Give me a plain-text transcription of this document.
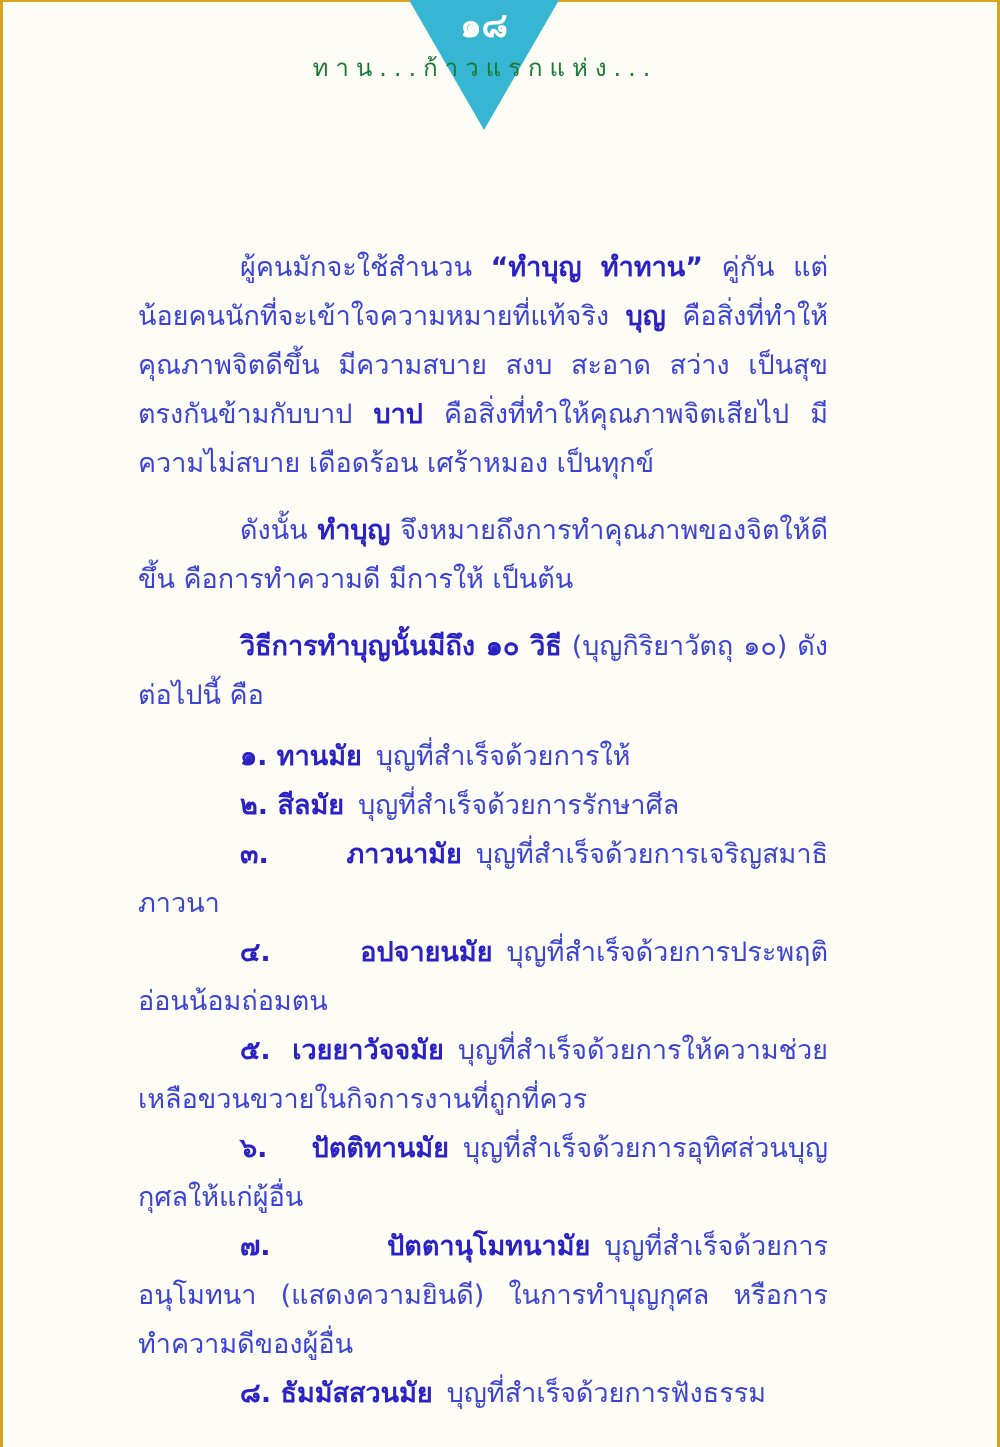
๑๘
ทาน...ก้าวแรกแห่ง...

ผู้คนมักจะใช้สำนวน “ทำบุญ ทำทาน” คู่กัน แต่น้อยคนนักที่จะเข้าใจความหมายที่แท้จริง บุญ คือสิ่งที่ทำให้คุณภาพจิตดีขึ้น มีความสบาย สงบ สะอาด สว่าง เป็นสุข ตรงกันข้ามกับบาป บาป คือสิ่งที่ทำให้คุณภาพจิตเสียไป มีความไม่สบาย เดือดร้อน เศร้าหมอง เป็นทุกข์

ดังนั้น ทำบุญ จึงหมายถึงการทำคุณภาพของจิตให้ดีขึ้น คือการทำความดี มีการให้ เป็นต้น

วิธีการทำบุญนั้นมีถึง ๑๐ วิธี (บุญกิริยาวัตถุ ๑๐) ดังต่อไปนี้ คือ

๑. ทานมัย บุญที่สำเร็จด้วยการให้

๒. สีลมัย บุญที่สำเร็จด้วยการรักษาศีล

๓. ภาวนามัย บุญที่สำเร็จด้วยการเจริญสมาธิภาวนา

๔. อปจายนมัย บุญที่สำเร็จด้วยการประพฤติอ่อนน้อมถ่อมตน

๕. เวยยาวัจจมัย บุญที่สำเร็จด้วยการให้ความช่วยเหลือขวนขวายในกิจการงานที่ถูกที่ควร

๖. ปัตติทานมัย บุญที่สำเร็จด้วยการอุทิศส่วนบุญกุศลให้แก่ผู้อื่น

๗. ปัตตานุโมทนามัย บุญที่สำเร็จด้วยการอนุโมทนา (แสดงความยินดี) ในการทำบุญกุศล หรือการทำความดีของผู้อื่น

๘. ธัมมัสสวนมัย บุญที่สำเร็จด้วยการฟังธรรม
